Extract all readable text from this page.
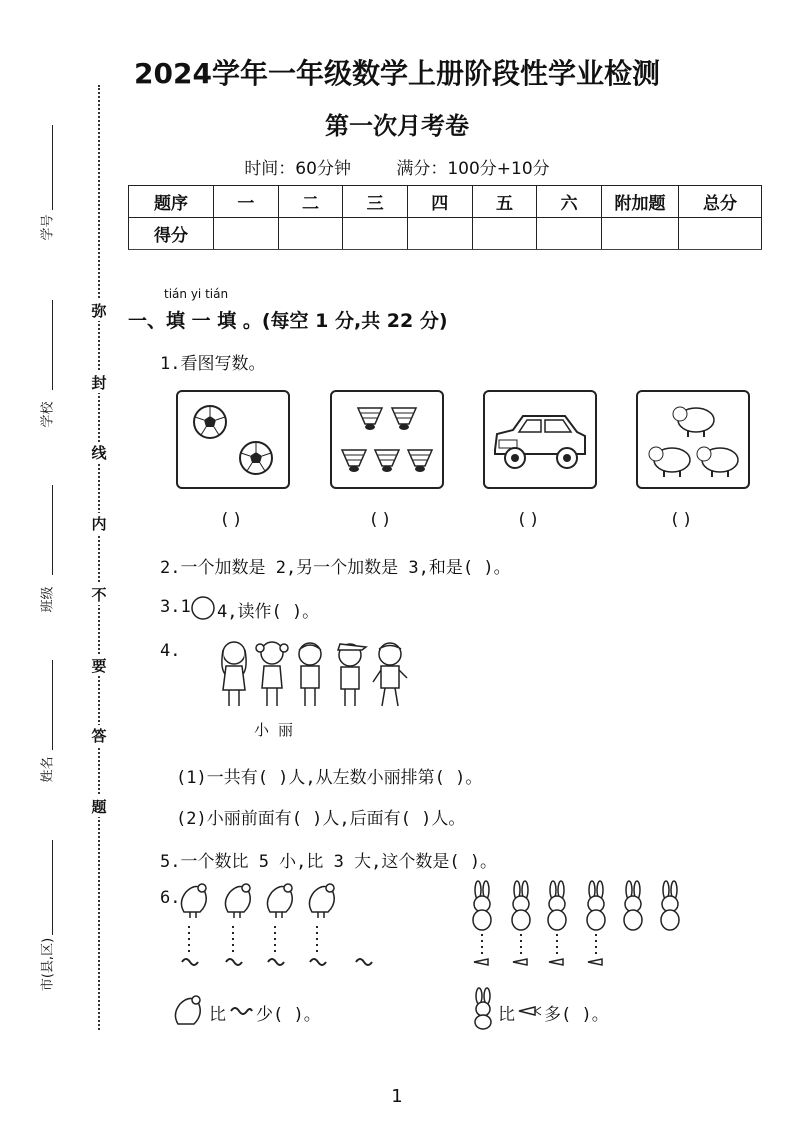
弥
封
线
内
不
要
答
题
学号
学校
班级
姓名
市(县,区)
2024学年一年级数学上册阶段性学业检测
第一次月考卷
时间：60分钟	满分：100分+10分
题序	一	二	三	四	五	六	附加题	总分
得分								
tián yi tián
一、填 一 填 。(每空 1 分,共 22 分)
1.看图写数。
( )	( )	( )	( )
2.一个加数是 2,另一个加数是 3,和是( )。
3.1 4,读作( )。
4.
小 丽
(1)一共有( )人,从左数小丽排第( )。
(2)小丽前面有( )人,后面有( )人。
5.一个数比 5 小,比 3 大,这个数是( )。
6.
比 少( )。	比 多( )。
1
